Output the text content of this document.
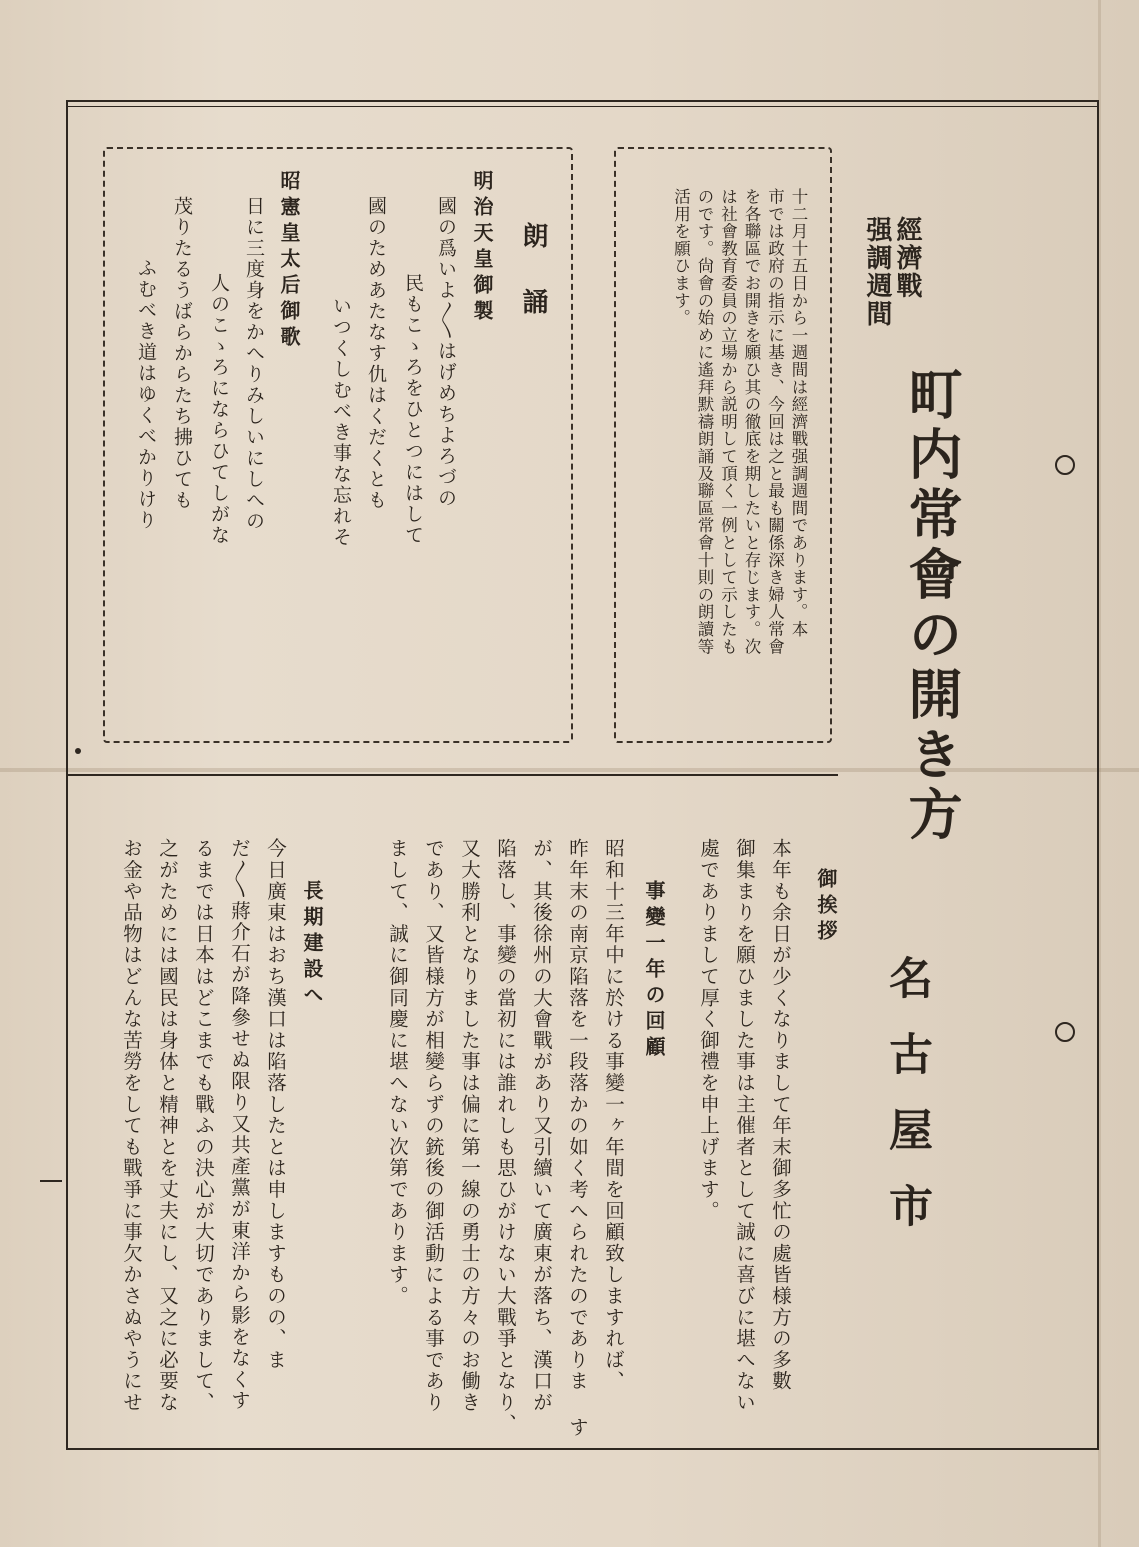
經濟戰
强調週間
町内常會の開き方
名古屋市
十二月十五日から一週間は經濟戰强調週間であります。本
市では政府の指示に基き、今回は之と最も關係深き婦人常會
を各聯區でお開きを願ひ其の徹底を期したいと存じます。次
は社會教育委員の立場から説明して頂く一例として示したも
のです。尙會の始めに遙拜默禱朗誦及聯區常會十則の朗讀等
活用を願ひます。
朗誦
明治天皇御製
國の爲いよ〳〵はげめちよろづの
民もこゝろをひとつにはして
國のためあたなす仇はくだくとも
いつくしむべき事な忘れそ
昭憲皇太后御歌
日に三度身をかへりみしいにしへの
人のこゝろにならひてしがな
茂りたるうばらからたち拂ひても
ふむべき道はゆくべかりけり
御挨拶
本年も余日が少くなりまして年末御多忙の處皆様方の多數
御集まりを願ひました事は主催者として誠に喜びに堪へない
處でありまして厚く御禮を申上げます。
事變一年の回顧
昭和十三年中に於ける事變一ヶ年間を回顧致しますれば、
昨年末の南京陷落を一段落かの如く考へられたのでありま す
が、其後徐州の大會戰があり又引續いて廣東が落ち、漢口が
陷落し、事變の當初には誰れしも思ひがけない大戰爭となり、
又大勝利となりました事は偏に第一線の勇士の方々のお働き
であり、又皆様方が相變らずの銃後の御活動による事であり
まして、誠に御同慶に堪へない次第であります。
長期建設へ
今日廣東はおち漢口は陷落したとは申しますものの、ま
だ〳〵蔣介石が降參せぬ限り又共產黨が東洋から影をなくす
るまでは日本はどこまでも戰ふの決心が大切でありまして、
之がためには國民は身体と精神とを丈夫にし、又之に必要な
お金や品物はどんな苦勞をしても戰爭に事欠かさぬやうにせ
